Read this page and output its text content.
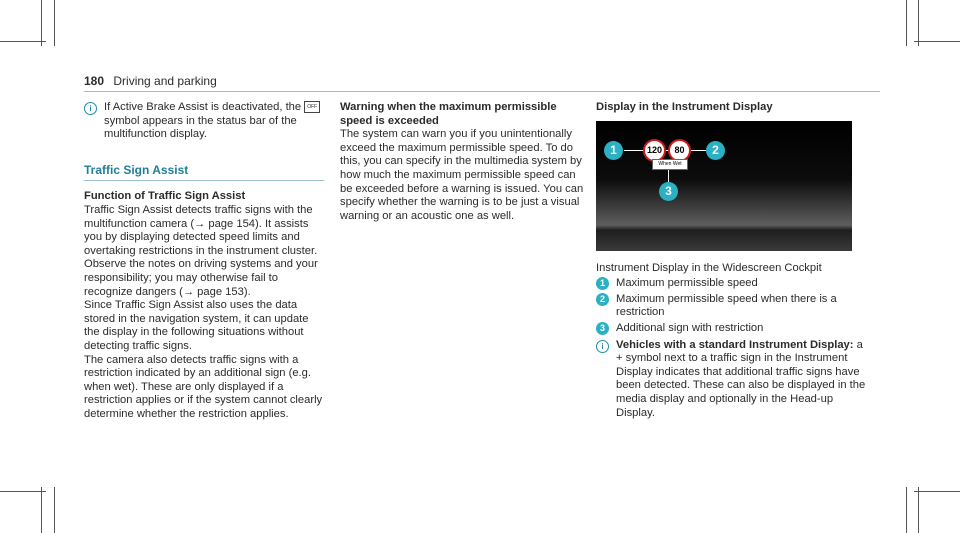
180 Driving and parking
i	If Active Brake Assist is deactivated, the OFF symbol appears in the status bar of the multifunction display.

Traffic Sign Assist
Function of Traffic Sign Assist

Traffic Sign Assist detects traffic signs with the multifunction camera (→ page 154). It assists you by displaying detected speed limits and overtaking restrictions in the instrument cluster.

Observe the notes on driving systems and your responsibility; you may otherwise fail to recognize dangers (→ page 153).

Since Traffic Sign Assist also uses the data stored in the navigation system, it can update the display in the following situations without detecting traffic signs.

The camera also detects traffic signs with a restriction indicated by an additional sign (e.g. when wet). These are only displayed if a restriction applies or if the system cannot clearly determine whether the restriction applies.

Warning when the maximum permissible speed is exceeded

The system can warn you if you unintentionally exceed the maximum permissible speed. To do this, you can specify in the multimedia system by how much the maximum permissible speed can be exceeded before a warning is issued. You can specify whether the warning is to be just a visual warning or an acoustic one as well.

Display in the Instrument Display
1	120	80	2
When Wet
3

Instrument Display in the Widescreen Cockpit

1 Maximum permissible speed
2 Maximum permissible speed when there is a restriction
3 Additional sign with restriction
i	Vehicles with a standard Instrument Display: a + symbol next to a traffic sign in the Instrument Display indicates that additional traffic signs have been detected. These can also be displayed in the media display and optionally in the Head-up Display.
